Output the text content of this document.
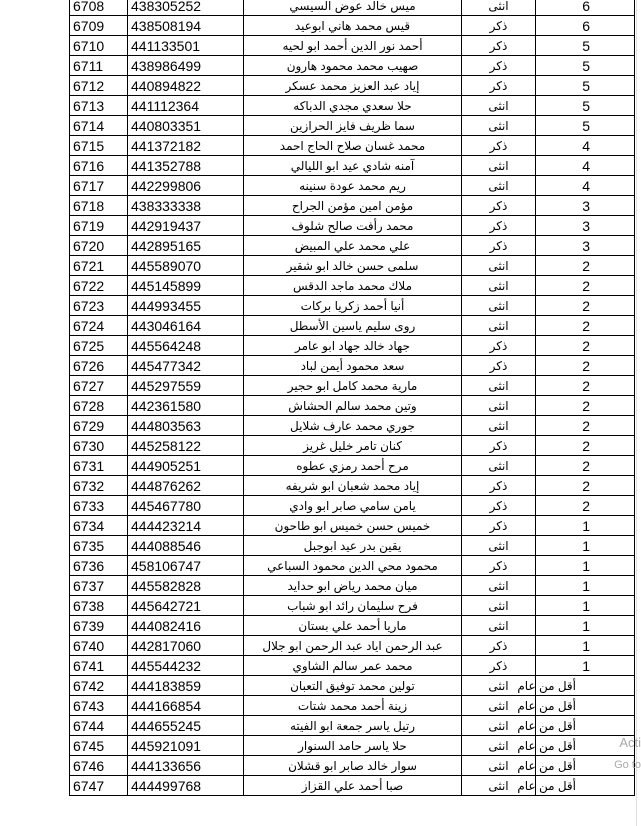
6708	438305252	ميس خالد عوض السيسي	انثى	6
6709	438508194	قيس محمد هاني ابوعيد	ذكر	6
6710	441133501	أحمد نور الدين أحمد ابو لحيه	ذكر	5
6711	438986499	صهيب محمد محمود هارون	ذكر	5
6712	440894822	إياد عبد العزيز محمد عسكر	ذكر	5
6713	441112364	حلا سعدي مجدي الدباكه	انثى	5
6714	440803351	سما ظريف فايز الحرازين	انثى	5
6715	441372182	محمد غسان صلاح الحاج احمد	ذكر	4
6716	441352788	آمنه شادي عيد ابو الليالي	انثى	4
6717	442299806	ريم محمد عودة سنينه	انثى	4
6718	438333338	مؤمن امين مؤمن الجراح	ذكر	3
6719	442919437	محمد رأفت صالح شلوف	ذكر	3
6720	442895165	علي محمد علي المبيض	ذكر	3
6721	445589070	سلمى حسن خالد ابو شقير	انثى	2
6722	445145899	ملاك محمد ماجد الدقس	انثى	2
6723	444993455	أنيا أحمد زكريا بركات	انثى	2
6724	443046164	روى سليم ياسين الأسطل	انثى	2
6725	445564248	جهاد خالد جهاد ابو عامر	ذكر	2
6726	445477342	سعد محمود أيمن لباد	ذكر	2
6727	445297559	مارية محمد كامل ابو حجير	انثى	2
6728	442361580	وتين محمد سالم الحشاش	انثى	2
6729	444803563	جوري محمد عارف شلايل	انثى	2
6730	445258122	كنان تامر خليل غريز	ذكر	2
6731	444905251	مرح أحمد رمزي عطوه	انثى	2
6732	444876262	إياد محمد شعبان ابو شريفه	ذكر	2
6733	445467780	يامن سامي صابر ابو وادي	ذكر	2
6734	444423214	خميس حسن خميس ابو طاحون	ذكر	1
6735	444088546	يقين بدر عيد ابوجبل	انثى	1
6736	458106747	محمود محي الدين محمود السباعي	ذكر	1
6737	445582828	ميان محمد رياض ابو حدايد	انثى	1
6738	445642721	فرح سليمان رائد ابو شباب	انثى	1
6739	444082416	ماريا أحمد علي بستان	انثى	1
6740	442817060	عبد الرحمن اياد عبد الرحمن ابو جلال	ذكر	1
6741	445544232	محمد عمر سالم الشاوي	ذكر	1
6742	444183859	تولين محمد توفيق التعبان	انثى	أقل من عام
6743	444166854	زينة أحمد محمد شتات	انثى	أقل من عام
6744	444655245	رتيل ياسر جمعة ابو الفيته	انثى	أقل من عام
6745	445921091	حلا ياسر حامد السنوار	انثى	أقل من عام
6746	444133656	سوار خالد صابر ابو قشلان	انثى	أقل من عام
6747	444499768	صبا أحمد علي القزاز	انثى	أقل من عام
Acti
Go to
